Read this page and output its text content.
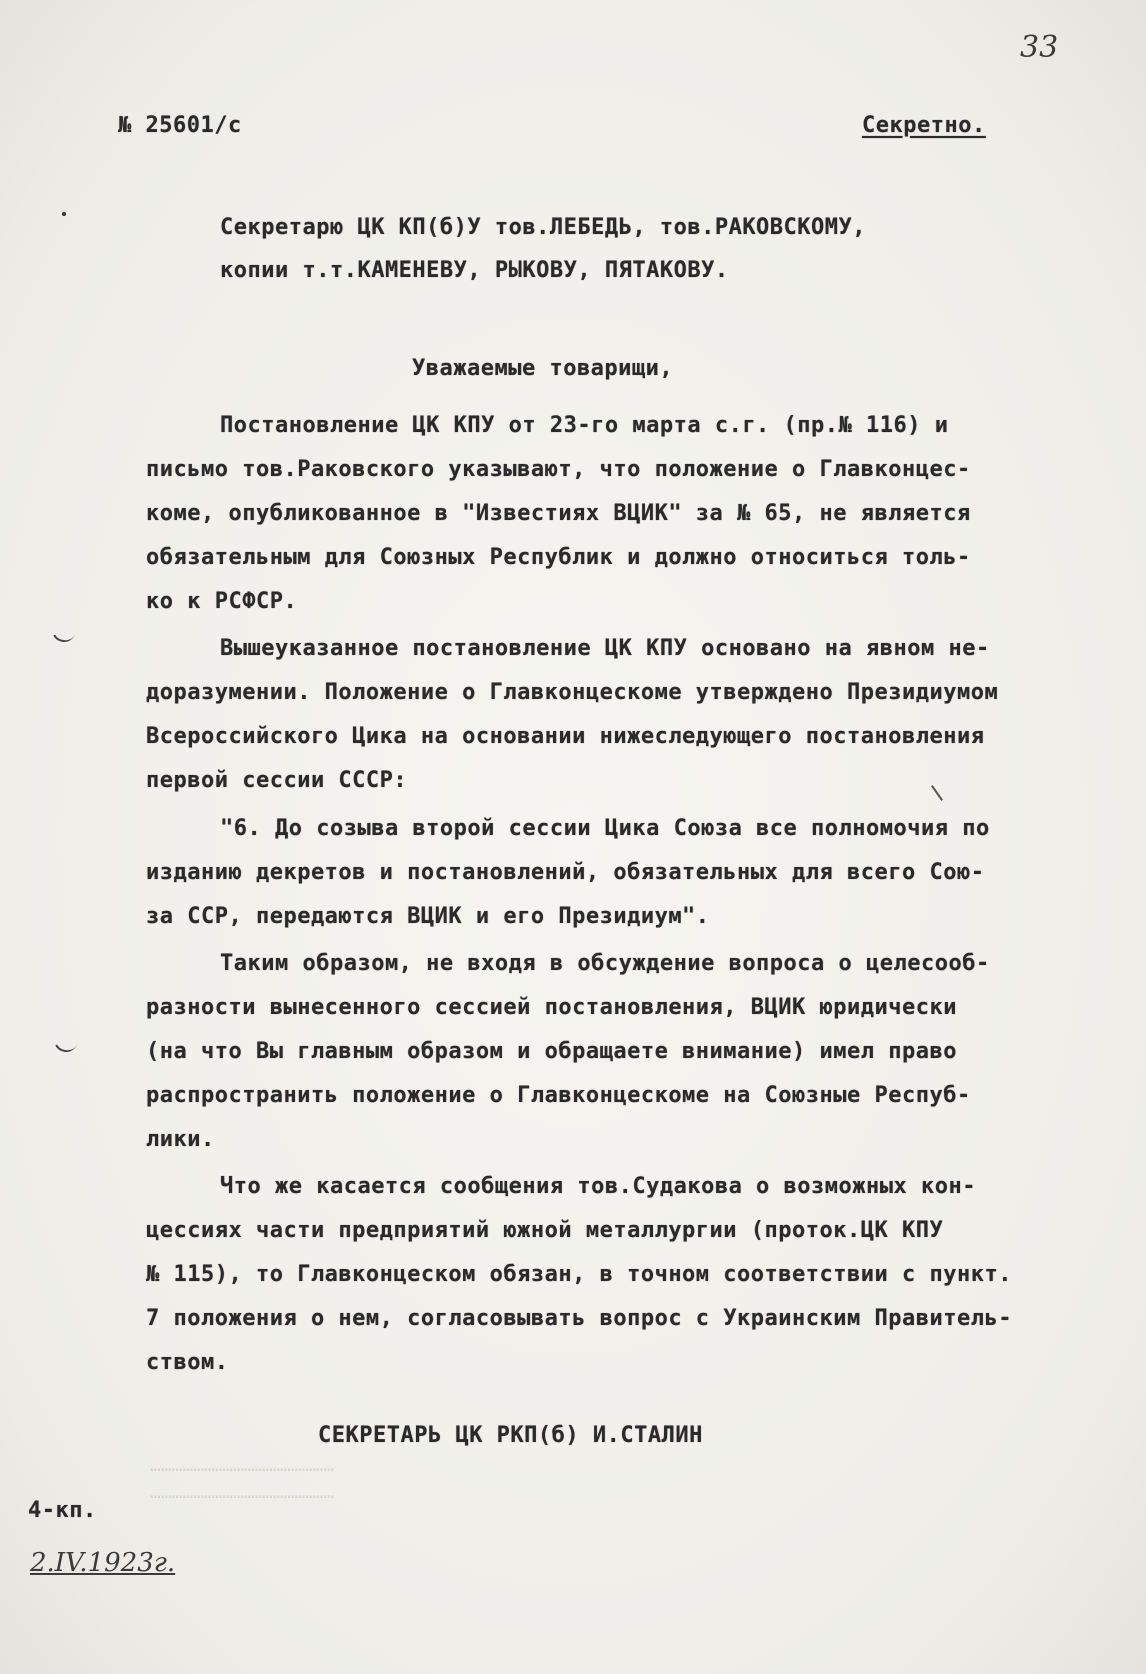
……………………………………………
……………………………………………
33
№ 25601/с	Секретно.
Секретарю ЦК КП(б)У тов.ЛЕБЕДЬ, тов.РАКОВСКОМУ,
копии т.т.КАМЕНЕВУ, РЫКОВУ, ПЯТАКОВУ.
Уважаемые товарищи,
Постановление ЦК КПУ от 23-го марта с.г. (пр.№ 116) и
письмо тов.Раковского указывают, что положение о Главконцес-
коме, опубликованное в "Известиях ВЦИК" за № 65, не является
обязательным для Союзных Республик и должно относиться толь-
ко к РСФСР.
Вышеуказанное постановление ЦК КПУ основано на явном не-
доразумении. Положение о Главконцескоме утверждено Президиумом
Всероссийского Цика на основании нижеследующего постановления
первой сессии СССР:
"6. До созыва второй сессии Цика Союза все полномочия по
изданию декретов и постановлений, обязательных для всего Сою-
за ССР, передаются ВЦИК и его Президиум".
Таким образом, не входя в обсуждение вопроса о целесооб-
разности вынесенного сессией постановления, ВЦИК юридически
(на что Вы главным образом и обращаете внимание) имел право
распространить положение о Главконцескоме на Союзные Респуб-
лики.
Что же касается сообщения тов.Судакова о возможных кон-
цессиях части предприятий южной металлургии (проток.ЦК КПУ
№ 115), то Главконцеском обязан, в точном соответствии с пункт.
7 положения о нем, согласовывать вопрос с Украинским Правитель-
ством.
СЕКРЕТАРЬ ЦК РКП(б) И.СТАЛИН
4-кп.
2.IV.1923г.
